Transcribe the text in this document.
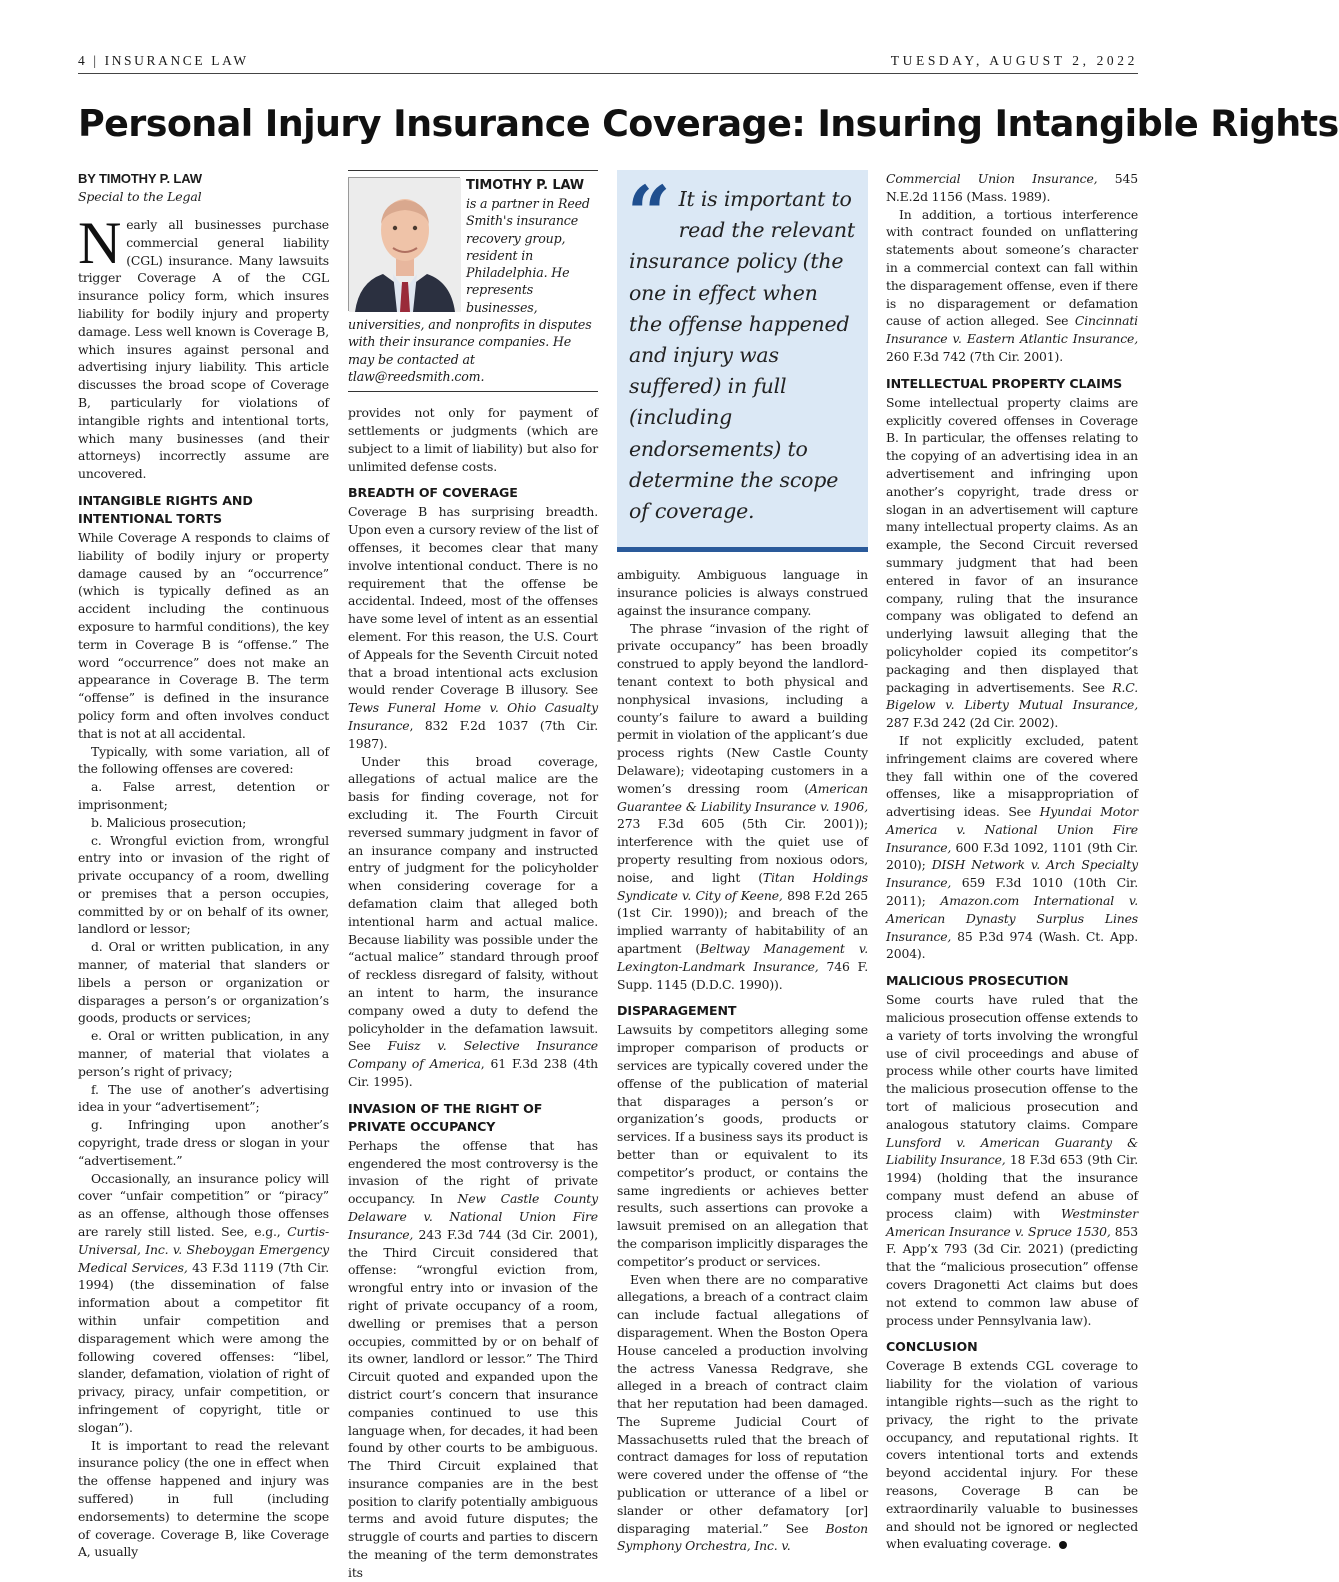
4 | INSURANCE LAW	TUESDAY, AUGUST 2, 2022
Personal Injury Insurance Coverage: Insuring Intangible Rights
BY TIMOTHY P. LAW
Special to the Legal

Nearly all businesses purchase commercial general liability (CGL) insurance. Many lawsuits trigger Coverage A of the CGL insurance policy form, which insures liability for bodily injury and property damage. Less well known is Coverage B, which insures against personal and advertising injury liability. This article discusses the broad scope of Coverage B, particularly for violations of intangible rights and intentional torts, which many businesses (and their attorneys) incorrectly assume are uncovered.

INTANGIBLE RIGHTS AND INTENTIONAL TORTS

While Coverage A responds to claims of liability of bodily injury or property damage caused by an “occurrence” (which is typically defined as an accident including the continuous exposure to harmful conditions), the key term in Coverage B is “offense.” The word “occurrence” does not make an appearance in Coverage B. The term “offense” is defined in the insurance policy form and often involves conduct that is not at all accidental.

Typically, with some variation, all of the following offenses are covered:

a. False arrest, detention or imprisonment;

b. Malicious prosecution;

c. Wrongful eviction from, wrongful entry into or invasion of the right of private occupancy of a room, dwelling or premises that a person occupies, committed by or on behalf of its owner, landlord or lessor;

d. Oral or written publication, in any manner, of material that slanders or libels a person or organization or disparages a person’s or organization’s goods, products or services;

e. Oral or written publication, in any manner, of material that violates a person’s right of privacy;

f. The use of another’s advertising idea in your “advertisement”;

g. Infringing upon another’s copyright, trade dress or slogan in your “advertisement.”

Occasionally, an insurance policy will cover “unfair competition” or “piracy” as an offense, although those offenses are rarely still listed. See, e.g., Curtis-Universal, Inc. v. Sheboygan Emergency Medical Services, 43 F.3d 1119 (7th Cir. 1994) (the dissemination of false information about a competitor fit within unfair competition and disparagement which were among the following covered offenses: “libel, slander, defamation, violation of right of privacy, piracy, unfair competition, or infringement of copyright, title or slogan”).

It is important to read the relevant insurance policy (the one in effect when the offense happened and injury was suffered) in full (including endorsements) to determine the scope of coverage. Coverage B, like Coverage A, usually

TIMOTHY P. LAW
is a partner in Reed Smith's insurance recovery group, resident in Philadelphia. He represents businesses, universities, and nonprofits in disputes with their insurance companies. He may be contacted at tlaw@reedsmith.com.

provides not only for payment of settlements or judgments (which are subject to a limit of liability) but also for unlimited defense costs.

BREADTH OF COVERAGE

Coverage B has surprising breadth. Upon even a cursory review of the list of offenses, it becomes clear that many involve intentional conduct. There is no requirement that the offense be accidental. Indeed, most of the offenses have some level of intent as an essential element. For this reason, the U.S. Court of Appeals for the Seventh Circuit noted that a broad intentional acts exclusion would render Coverage B illusory. See Tews Funeral Home v. Ohio Casualty Insurance, 832 F.2d 1037 (7th Cir. 1987).

Under this broad coverage, allegations of actual malice are the basis for finding coverage, not for excluding it. The Fourth Circuit reversed summary judgment in favor of an insurance company and instructed entry of judgment for the policyholder when considering coverage for a defamation claim that alleged both intentional harm and actual malice. Because liability was possible under the “actual malice” standard through proof of reckless disregard of falsity, without an intent to harm, the insurance company owed a duty to defend the policyholder in the defamation lawsuit. See Fuisz v. Selective Insurance Company of America, 61 F.3d 238 (4th Cir. 1995).

INVASION OF THE RIGHT OF PRIVATE OCCUPANCY

Perhaps the offense that has engendered the most controversy is the invasion of the right of private occupancy. In New Castle County Delaware v. National Union Fire Insurance, 243 F.3d 744 (3d Cir. 2001), the Third Circuit considered that offense: “wrongful eviction from, wrongful entry into or invasion of the right of private occupancy of a room, dwelling or premises that a person occupies, committed by or on behalf of its owner, landlord or lessor.” The Third Circuit quoted and expanded upon the district court’s concern that insurance companies continued to use this language when, for decades, it had been found by other courts to be ambiguous. The Third Circuit explained that insurance companies are in the best position to clarify potentially ambiguous terms and avoid future disputes; the struggle of courts and parties to discern the meaning of the term demonstrates its

“ It is important to read the relevant insurance policy (the one in effect when the offense happened and injury was suffered) in full (including endorsements) to determine the scope of coverage.

ambiguity. Ambiguous language in insurance policies is always construed against the insurance company.

The phrase “invasion of the right of private occupancy” has been broadly construed to apply beyond the landlord-tenant context to both physical and nonphysical invasions, including a county’s failure to award a building permit in violation of the applicant’s due process rights (New Castle County Delaware); videotaping customers in a women’s dressing room (American Guarantee & Liability Insurance v. 1906, 273 F.3d 605 (5th Cir. 2001)); interference with the quiet use of property resulting from noxious odors, noise, and light (Titan Holdings Syndicate v. City of Keene, 898 F.2d 265 (1st Cir. 1990)); and breach of the implied warranty of habitability of an apartment (Beltway Management v. Lexington-Landmark Insurance, 746 F. Supp. 1145 (D.D.C. 1990)).

DISPARAGEMENT

Lawsuits by competitors alleging some improper comparison of products or services are typically covered under the offense of the publication of material that disparages a person’s or organization’s goods, products or services. If a business says its product is better than or equivalent to its competitor’s product, or contains the same ingredients or achieves better results, such assertions can provoke a lawsuit premised on an allegation that the comparison implicitly disparages the competitor’s product or services.

Even when there are no comparative allegations, a breach of a contract claim can include factual allegations of disparagement. When the Boston Opera House canceled a production involving the actress Vanessa Redgrave, she alleged in a breach of contract claim that her reputation had been damaged. The Supreme Judicial Court of Massachusetts ruled that the breach of contract damages for loss of reputation were covered under the offense of “the publication or utterance of a libel or slander or other defamatory [or] disparaging material.” See Boston Symphony Orchestra, Inc. v.

Commercial Union Insurance, 545 N.E.2d 1156 (Mass. 1989).

In addition, a tortious interference with contract founded on unflattering statements about someone’s character in a commercial context can fall within the disparagement offense, even if there is no disparagement or defamation cause of action alleged. See Cincinnati Insurance v. Eastern Atlantic Insurance, 260 F.3d 742 (7th Cir. 2001).

INTELLECTUAL PROPERTY CLAIMS

Some intellectual property claims are explicitly covered offenses in Coverage B. In particular, the offenses relating to the copying of an advertising idea in an advertisement and infringing upon another’s copyright, trade dress or slogan in an advertisement will capture many intellectual property claims. As an example, the Second Circuit reversed summary judgment that had been entered in favor of an insurance company, ruling that the insurance company was obligated to defend an underlying lawsuit alleging that the policyholder copied its competitor’s packaging and then displayed that packaging in advertisements. See R.C. Bigelow v. Liberty Mutual Insurance, 287 F.3d 242 (2d Cir. 2002).

If not explicitly excluded, patent infringement claims are covered where they fall within one of the covered offenses, like a misappropriation of advertising ideas. See Hyundai Motor America v. National Union Fire Insurance, 600 F.3d 1092, 1101 (9th Cir. 2010); DISH Network v. Arch Specialty Insurance, 659 F.3d 1010 (10th Cir. 2011); Amazon.com International v. American Dynasty Surplus Lines Insurance, 85 P.3d 974 (Wash. Ct. App. 2004).

MALICIOUS PROSECUTION

Some courts have ruled that the malicious prosecution offense extends to a variety of torts involving the wrongful use of civil proceedings and abuse of process while other courts have limited the malicious prosecution offense to the tort of malicious prosecution and analogous statutory claims. Compare Lunsford v. American Guaranty & Liability Insurance, 18 F.3d 653 (9th Cir. 1994) (holding that the insurance company must defend an abuse of process claim) with Westminster American Insurance v. Spruce 1530, 853 F. App’x 793 (3d Cir. 2021) (predicting that the “malicious prosecution” offense covers Dragonetti Act claims but does not extend to common law abuse of process under Pennsylvania law).

CONCLUSION

Coverage B extends CGL coverage to liability for the violation of various intangible rights—such as the right to privacy, the right to the private occupancy, and reputational rights. It covers intentional torts and extends beyond accidental injury. For these reasons, Coverage B can be extraordinarily valuable to businesses and should not be ignored or neglected when evaluating coverage.
